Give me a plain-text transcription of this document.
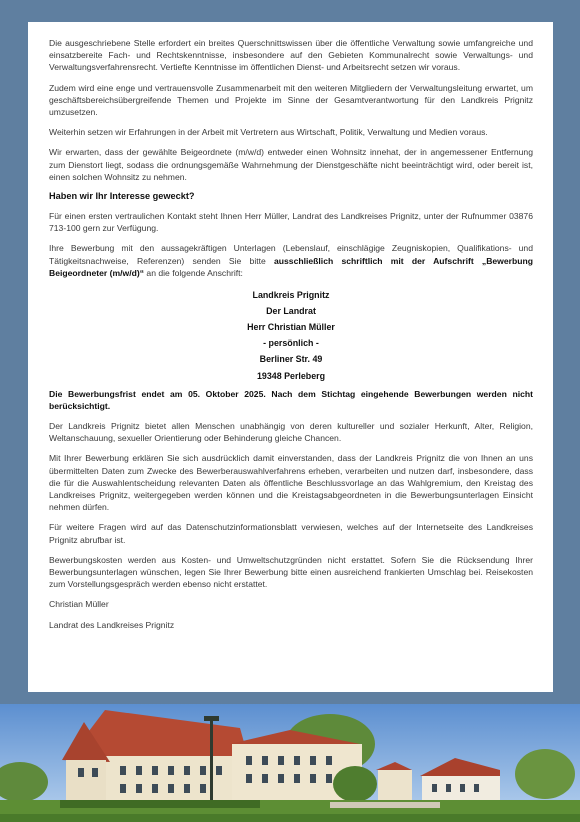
Die ausgeschriebene Stelle erfordert ein breites Querschnittswissen über die öffentliche Verwaltung sowie umfangreiche und einsatzbereite Fach- und Rechtskenntnisse, insbesondere auf den Gebieten Kommunalrecht sowie Verwaltungs- und Verwaltungsverfahrensrecht. Vertiefte Kenntnisse im öffentlichen Dienst- und Arbeitsrecht setzen wir voraus.

Zudem wird eine enge und vertrauensvolle Zusammenarbeit mit den weiteren Mitgliedern der Verwaltungsleitung erwartet, um geschäftsbereichsübergreifende Themen und Projekte im Sinne der Gesamtverantwortung für den Landkreis Prignitz umzusetzen.

Weiterhin setzen wir Erfahrungen in der Arbeit mit Vertretern aus Wirtschaft, Politik, Verwaltung und Medien voraus.

Wir erwarten, dass der gewählte Beigeordnete (m/w/d) entweder einen Wohnsitz innehat, der in angemessener Entfernung zum Dienstort liegt, sodass die ordnungsgemäße Wahrnehmung der Dienstgeschäfte nicht beeinträchtigt wird, oder bereit ist, einen solchen Wohnsitz zu nehmen.

Haben wir Ihr Interesse geweckt?

Für einen ersten vertraulichen Kontakt steht Ihnen Herr Müller, Landrat des Landkreises Prignitz, unter der Rufnummer 03876 713-100 gern zur Verfügung.

Ihre Bewerbung mit den aussagekräftigen Unterlagen (Lebenslauf, einschlägige Zeugniskopien, Qualifikations- und Tätigkeitsnachweise, Referenzen) senden Sie bitte ausschließlich schriftlich mit der Aufschrift „Bewerbung Beigeordneter (m/w/d)“ an die folgende Anschrift:

Landkreis Prignitz
Der Landrat
Herr Christian Müller
- persönlich -
Berliner Str. 49
19348 Perleberg

Die Bewerbungsfrist endet am 05. Oktober 2025. Nach dem Stichtag eingehende Bewerbungen werden nicht berücksichtigt.

Der Landkreis Prignitz bietet allen Menschen unabhängig von deren kultureller und sozialer Herkunft, Alter, Religion, Weltanschauung, sexueller Orientierung oder Behinderung gleiche Chancen.

Mit Ihrer Bewerbung erklären Sie sich ausdrücklich damit einverstanden, dass der Landkreis Prignitz die von Ihnen an uns übermittelten Daten zum Zwecke des Bewerberauswahlverfahrens erheben, verarbeiten und nutzen darf, insbesondere, dass die für die Auswahlentscheidung relevanten Daten als öffentliche Beschlussvorlage an das Wahlgremium, den Kreistag des Landkreises Prignitz, weitergegeben werden können und die Kreistagsabgeordneten in die Bewerbungsunterlagen Einsicht nehmen dürfen.

Für weitere Fragen wird auf das Datenschutzinformationsblatt verwiesen, welches auf der Internetseite des Landkreises Prignitz abrufbar ist.

Bewerbungskosten werden aus Kosten- und Umweltschutzgründen nicht erstattet. Sofern Sie die Rücksendung Ihrer Bewerbungsunterlagen wünschen, legen Sie Ihrer Bewerbung bitte einen ausreichend frankierten Umschlag bei. Reisekosten zum Vorstellungsgespräch werden ebenso nicht erstattet.

Christian Müller

Landrat des Landkreises Prignitz
